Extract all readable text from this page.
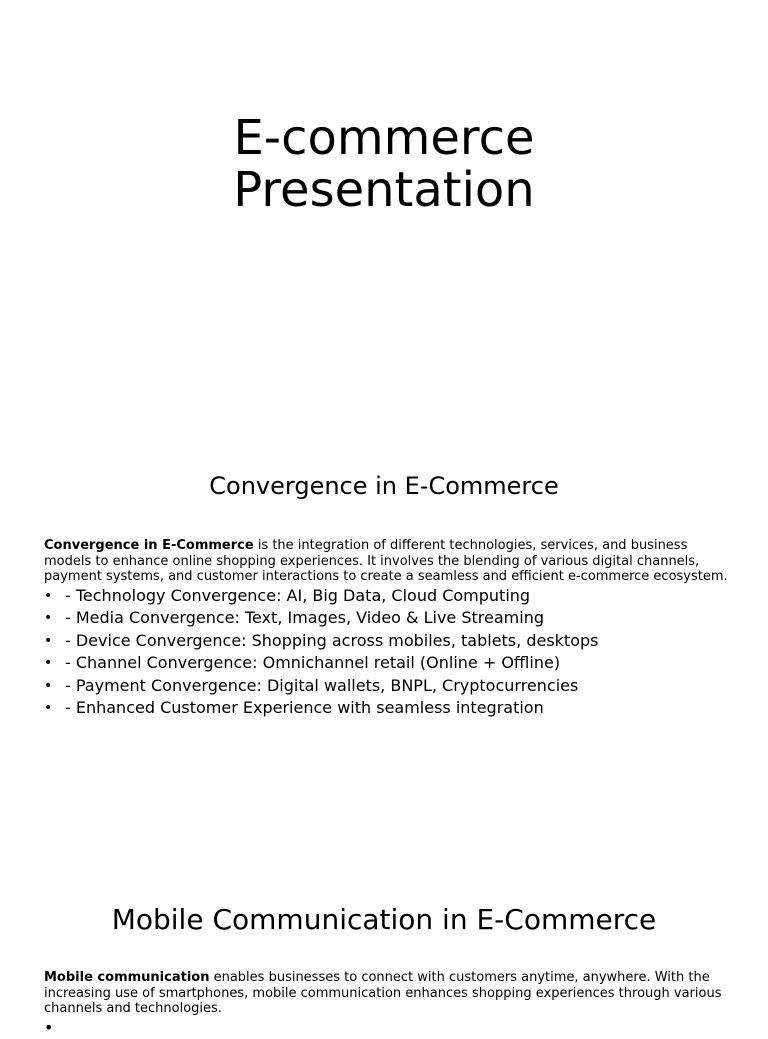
E-commerce
Presentation
Convergence in E-Commerce

Convergence in E-Commerce is the integration of different technologies, services, and business models to enhance online shopping experiences. It involves the blending of various digital channels, payment systems, and customer interactions to create a seamless and efficient e-commerce ecosystem.

• - Technology Convergence: AI, Big Data, Cloud Computing
• - Media Convergence: Text, Images, Video & Live Streaming
• - Device Convergence: Shopping across mobiles, tablets, desktops
• - Channel Convergence: Omnichannel retail (Online + Offline)
• - Payment Convergence: Digital wallets, BNPL, Cryptocurrencies
• - Enhanced Customer Experience with seamless integration
Mobile Communication in E-Commerce

Mobile communication enables businesses to connect with customers anytime, anywhere. With the increasing use of smartphones, mobile communication enhances shopping experiences through various channels and technologies.

•
